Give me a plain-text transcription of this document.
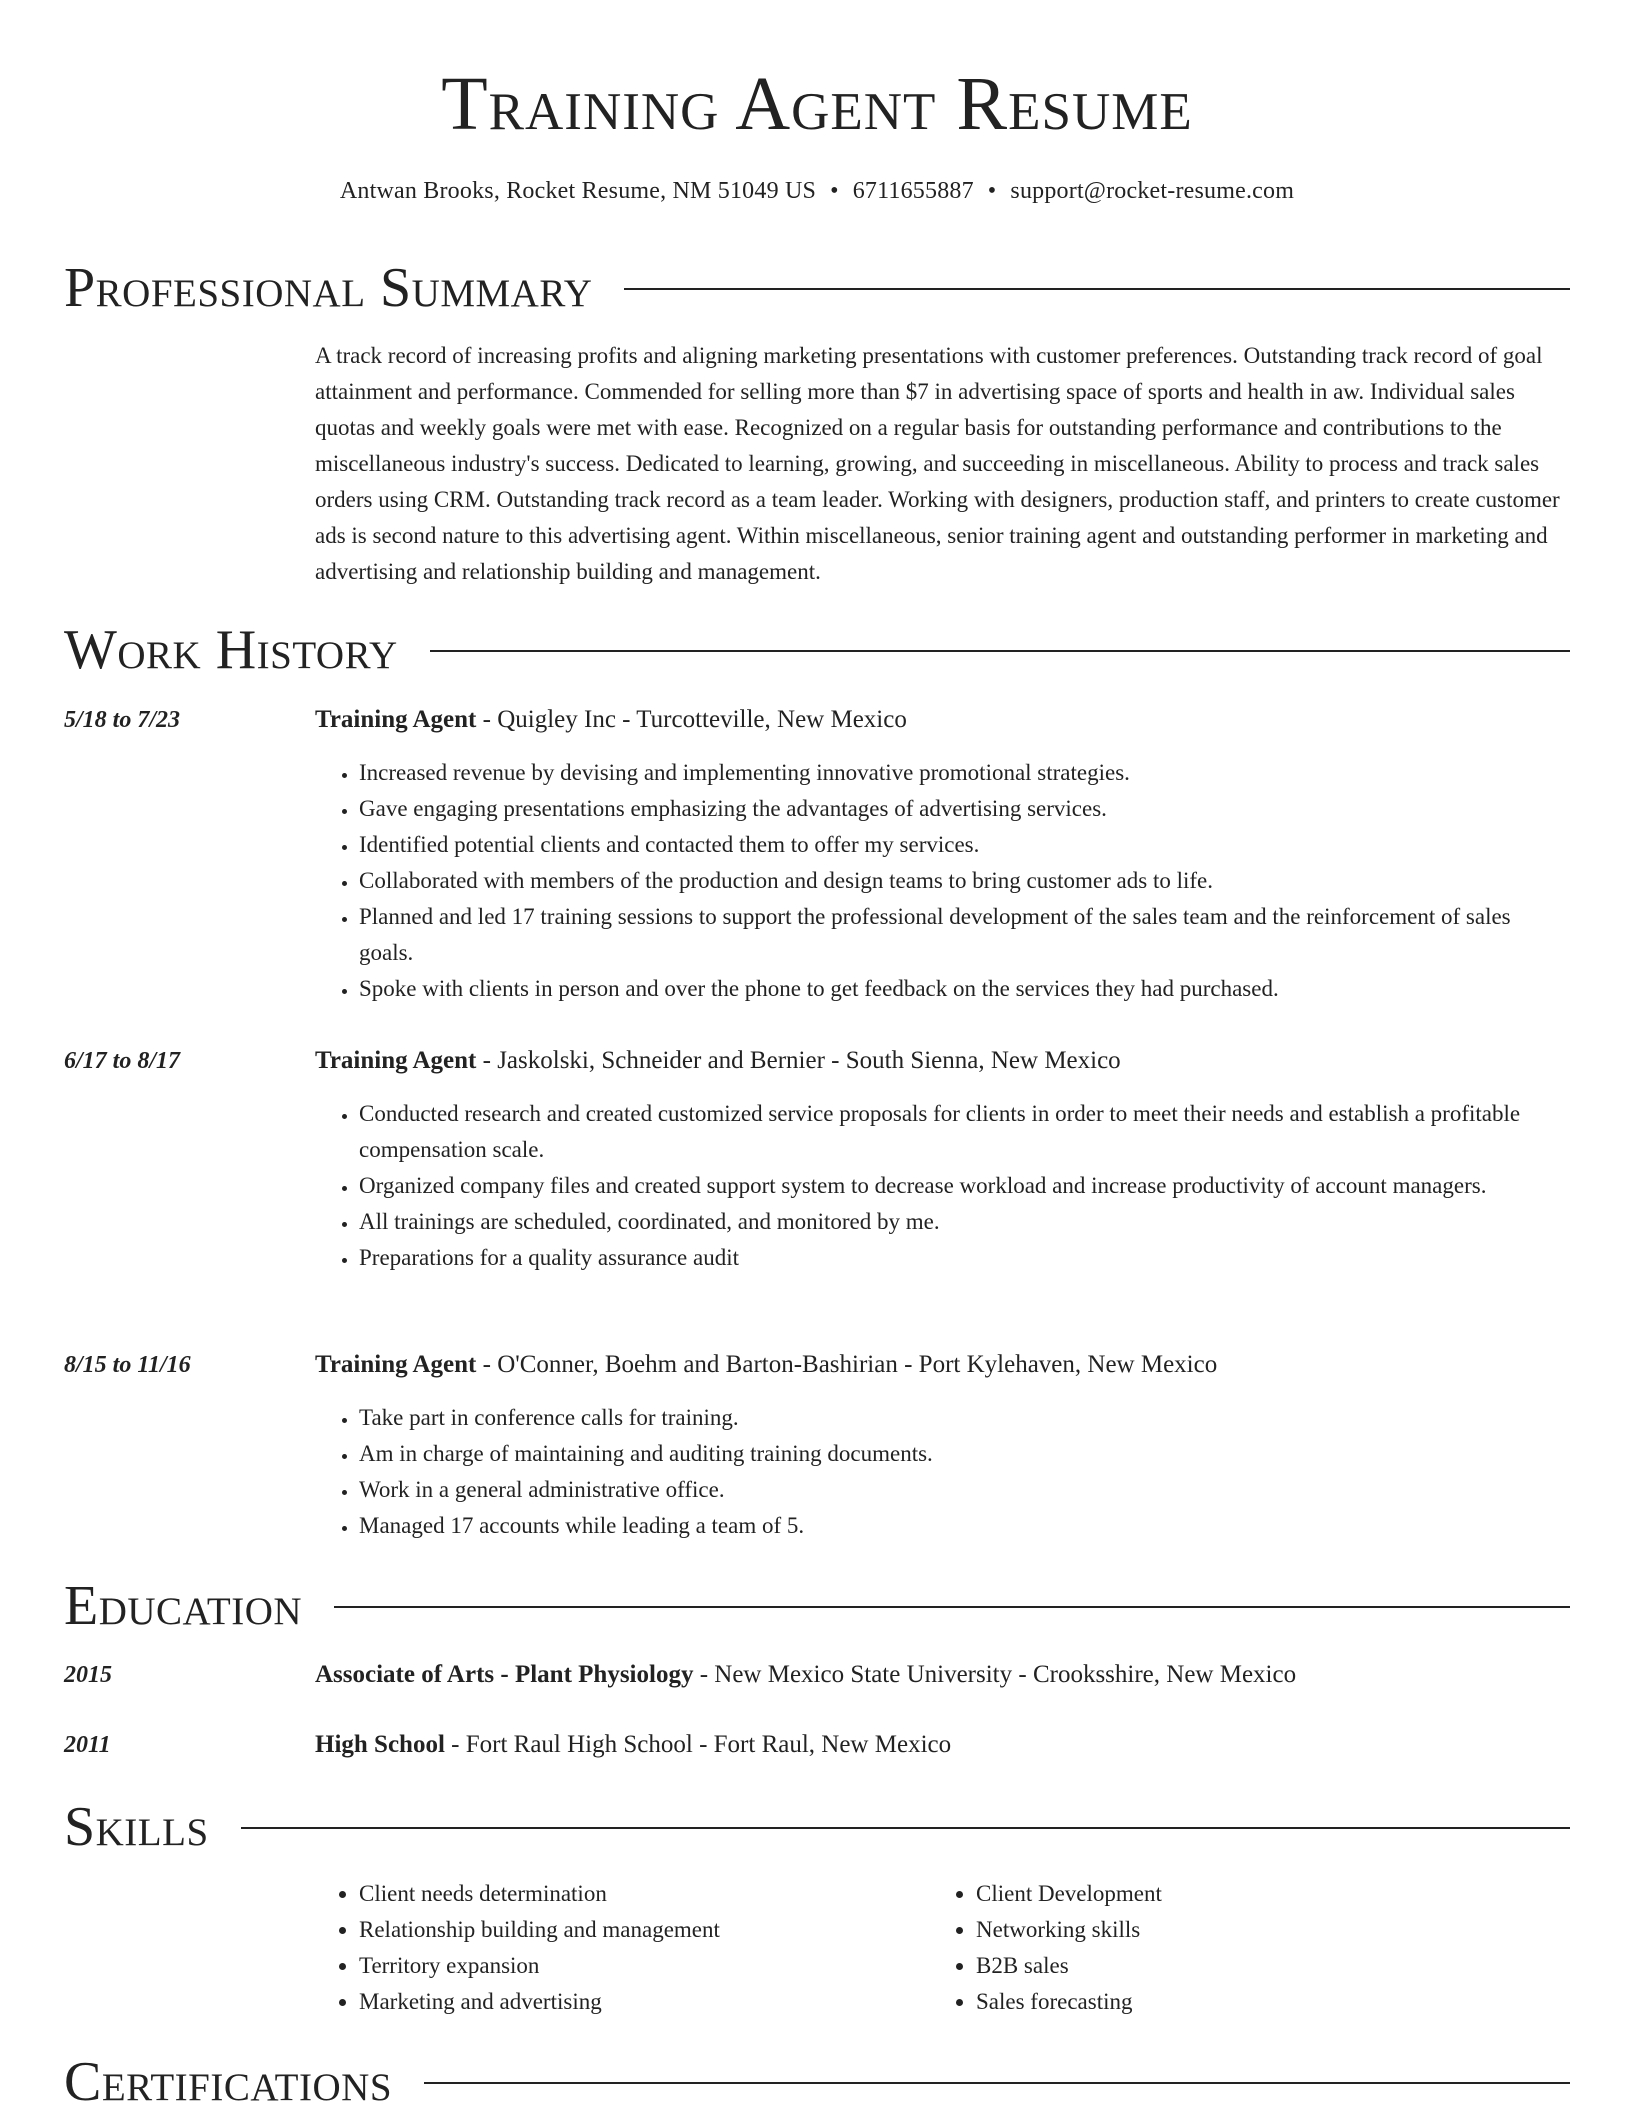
Training Agent Resume
Antwan Brooks, Rocket Resume, NM 51049 US • 6711655887 • support@rocket-resume.com
Professional Summary

A track record of increasing profits and aligning marketing presentations with customer preferences. Outstanding track record of goal attainment and performance. Commended for selling more than $7 in advertising space of sports and health in aw. Individual sales quotas and weekly goals were met with ease. Recognized on a regular basis for outstanding performance and contributions to the miscellaneous industry's success. Dedicated to learning, growing, and succeeding in miscellaneous. Ability to process and track sales orders using CRM. Outstanding track record as a team leader. Working with designers, production staff, and printers to create customer ads is second nature to this advertising agent. Within miscellaneous, senior training agent and outstanding performer in marketing and advertising and relationship building and management.

Work History
5/18 to 7/23	Training Agent - Quigley Inc - Turcotteville, New Mexico
• Increased revenue by devising and implementing innovative promotional strategies.
• Gave engaging presentations emphasizing the advantages of advertising services.
• Identified potential clients and contacted them to offer my services.
• Collaborated with members of the production and design teams to bring customer ads to life.
• Planned and led 17 training sessions to support the professional development of the sales team and the reinforcement of sales goals.
• Spoke with clients in person and over the phone to get feedback on the services they had purchased.
6/17 to 8/17	Training Agent - Jaskolski, Schneider and Bernier - South Sienna, New Mexico
• Conducted research and created customized service proposals for clients in order to meet their needs and establish a profitable compensation scale.
• Organized company files and created support system to decrease workload and increase productivity of account managers.
• All trainings are scheduled, coordinated, and monitored by me.
• Preparations for a quality assurance audit
8/15 to 11/16	Training Agent - O'Conner, Boehm and Barton-Bashirian - Port Kylehaven, New Mexico
• Take part in conference calls for training.
• Am in charge of maintaining and auditing training documents.
• Work in a general administrative office.
• Managed 17 accounts while leading a team of 5.
Education
2015	Associate of Arts - Plant Physiology - New Mexico State University - Crooksshire, New Mexico
2011	High School - Fort Raul High School - Fort Raul, New Mexico
Skills
• Client needs determination
• Relationship building and management
• Territory expansion
• Marketing and advertising
• Client Development
• Networking skills
• B2B sales
• Sales forecasting
Certifications
